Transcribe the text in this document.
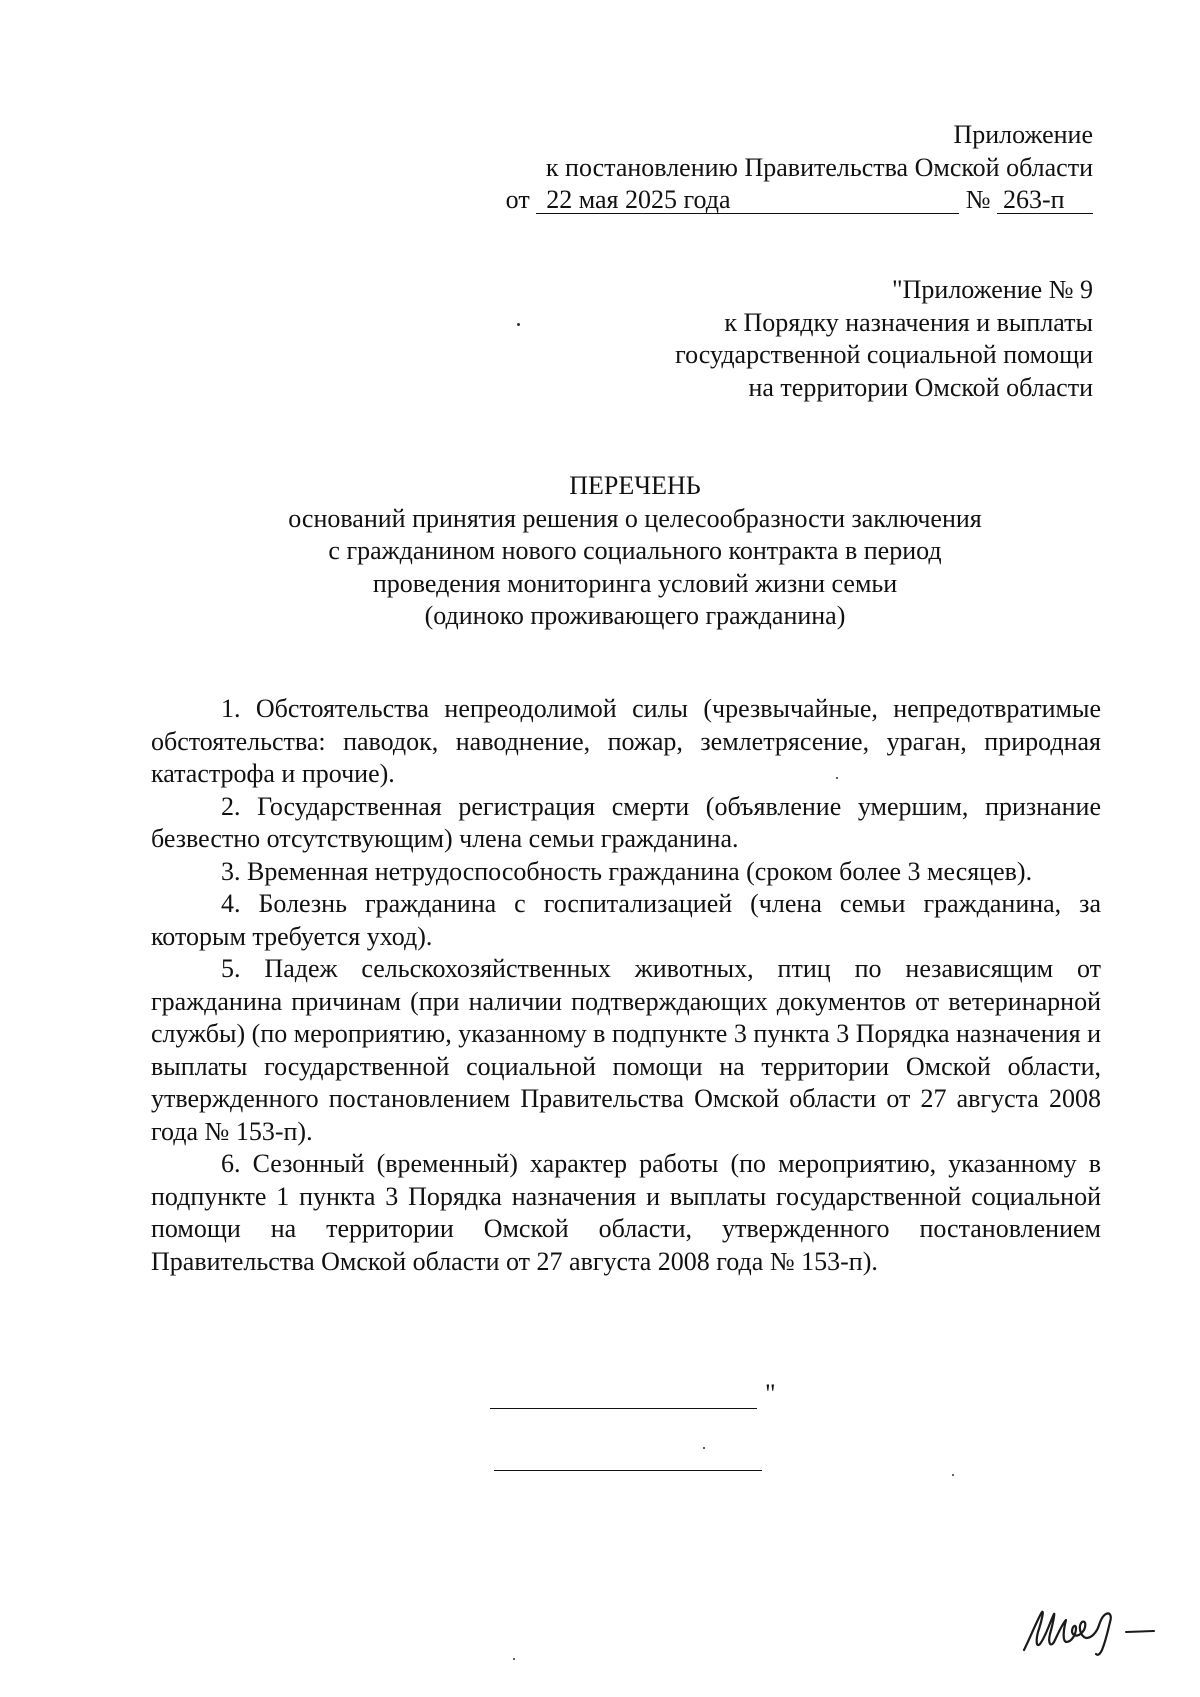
Приложение
к постановлению Правительства Омской области
от 22 мая 2025 года	№ 263-п
"Приложение № 9
к Порядку назначения и выплаты
государственной социальной помощи
на территории Омской области
ПЕРЕЧЕНЬ
оснований принятия решения о целесообразности заключения
с гражданином нового социального контракта в период
проведения мониторинга условий жизни семьи
(одиноко проживающего гражданина)

1. Обстоятельства непреодолимой силы (чрезвычайные, непредотвратимые обстоятельства: паводок, наводнение, пожар, землетрясение, ураган, природная катастрофа и прочие).

2. Государственная регистрация смерти (объявление умершим, признание безвестно отсутствующим) члена семьи гражданина.

3. Временная нетрудоспособность гражданина (сроком более 3 месяцев).

4. Болезнь гражданина с госпитализацией (члена семьи гражданина, за которым требуется уход).

5. Падеж сельскохозяйственных животных, птиц по независящим от гражданина причинам (при наличии подтверждающих документов от ветеринарной службы) (по мероприятию, указанному в подпункте 3 пункта 3 Порядка назначения и выплаты государственной социальной помощи на территории Омской области, утвержденного постановлением Правительства Омской области от 27 августа 2008 года № 153-п).

6. Сезонный (временный) характер работы (по мероприятию, указанному в подпункте 1 пункта 3 Порядка назначения и выплаты государственной социальной помощи на территории Омской области, утвержденного постановлением Правительства Омской области от 27 августа 2008 года № 153-п).

"
